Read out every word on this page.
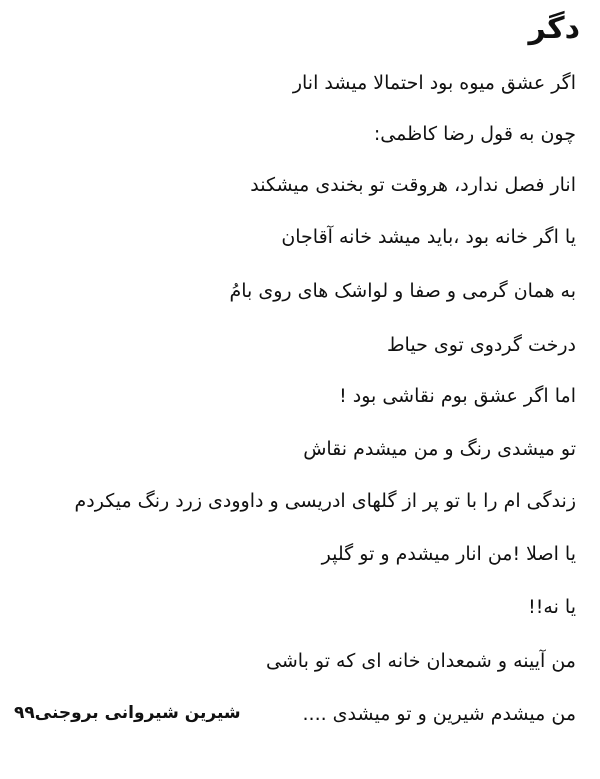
دگر

اگر عشق میوه بود احتمالا میشد انار

چون به قول رضا کاظمی:

انار فصل ندارد، هروقت تو بخندی میشکند

یا اگر خانه بود ،باید میشد خانه آقاجان

به همان گرمی و صفا و لواشک های روی بامُ

درخت گردوی توی حیاط

اما اگر عشق بوم نقاشی بود !

تو میشدی رنگ و من میشدم نقاش

زندگی ام را با تو پر از گلهای ادریسی و داوودی زرد رنگ میکردم

یا اصلا !من انار میشدم و تو گلپر

یا نه!!

من آیینه و شمعدان خانه ای که تو باشی

من میشدم شیرین و تو میشدی ....

شیرین شیروانی بروجنی۹۹
